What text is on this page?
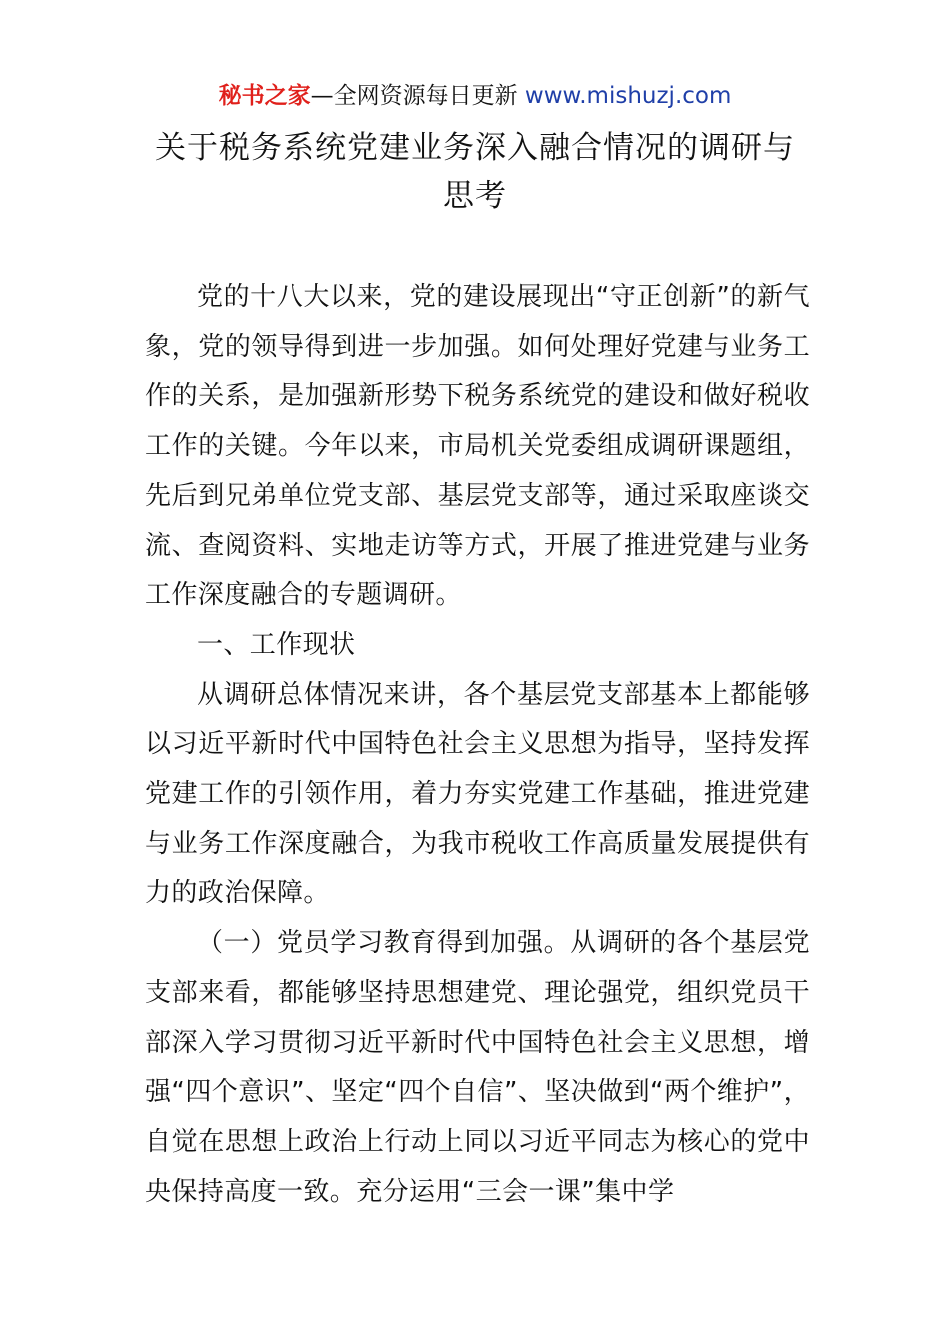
秘书之家—全网资源每日更新 www.mishuzj.com
关于税务系统党建业务深入融合情况的调研与思考

党的十八大以来，党的建设展现出“守正创新”的新气象，党的领导得到进一步加强。如何处理好党建与业务工作的关系，是加强新形势下税务系统党的建设和做好税收工作的关键。今年以来，市局机关党委组成调研课题组，先后到兄弟单位党支部、基层党支部等，通过采取座谈交流、查阅资料、实地走访等方式，开展了推进党建与业务工作深度融合的专题调研。

一、工作现状

从调研总体情况来讲，各个基层党支部基本上都能够以习近平新时代中国特色社会主义思想为指导，坚持发挥党建工作的引领作用，着力夯实党建工作基础，推进党建与业务工作深度融合，为我市税收工作高质量发展提供有力的政治保障。

（一）党员学习教育得到加强。从调研的各个基层党支部来看，都能够坚持思想建党、理论强党，组织党员干部深入学习贯彻习近平新时代中国特色社会主义思想，增强“四个意识”、坚定“四个自信”、坚决做到“两个维护”，自觉在思想上政治上行动上同以习近平同志为核心的党中央保持高度一致。充分运用“三会一课”集中学
